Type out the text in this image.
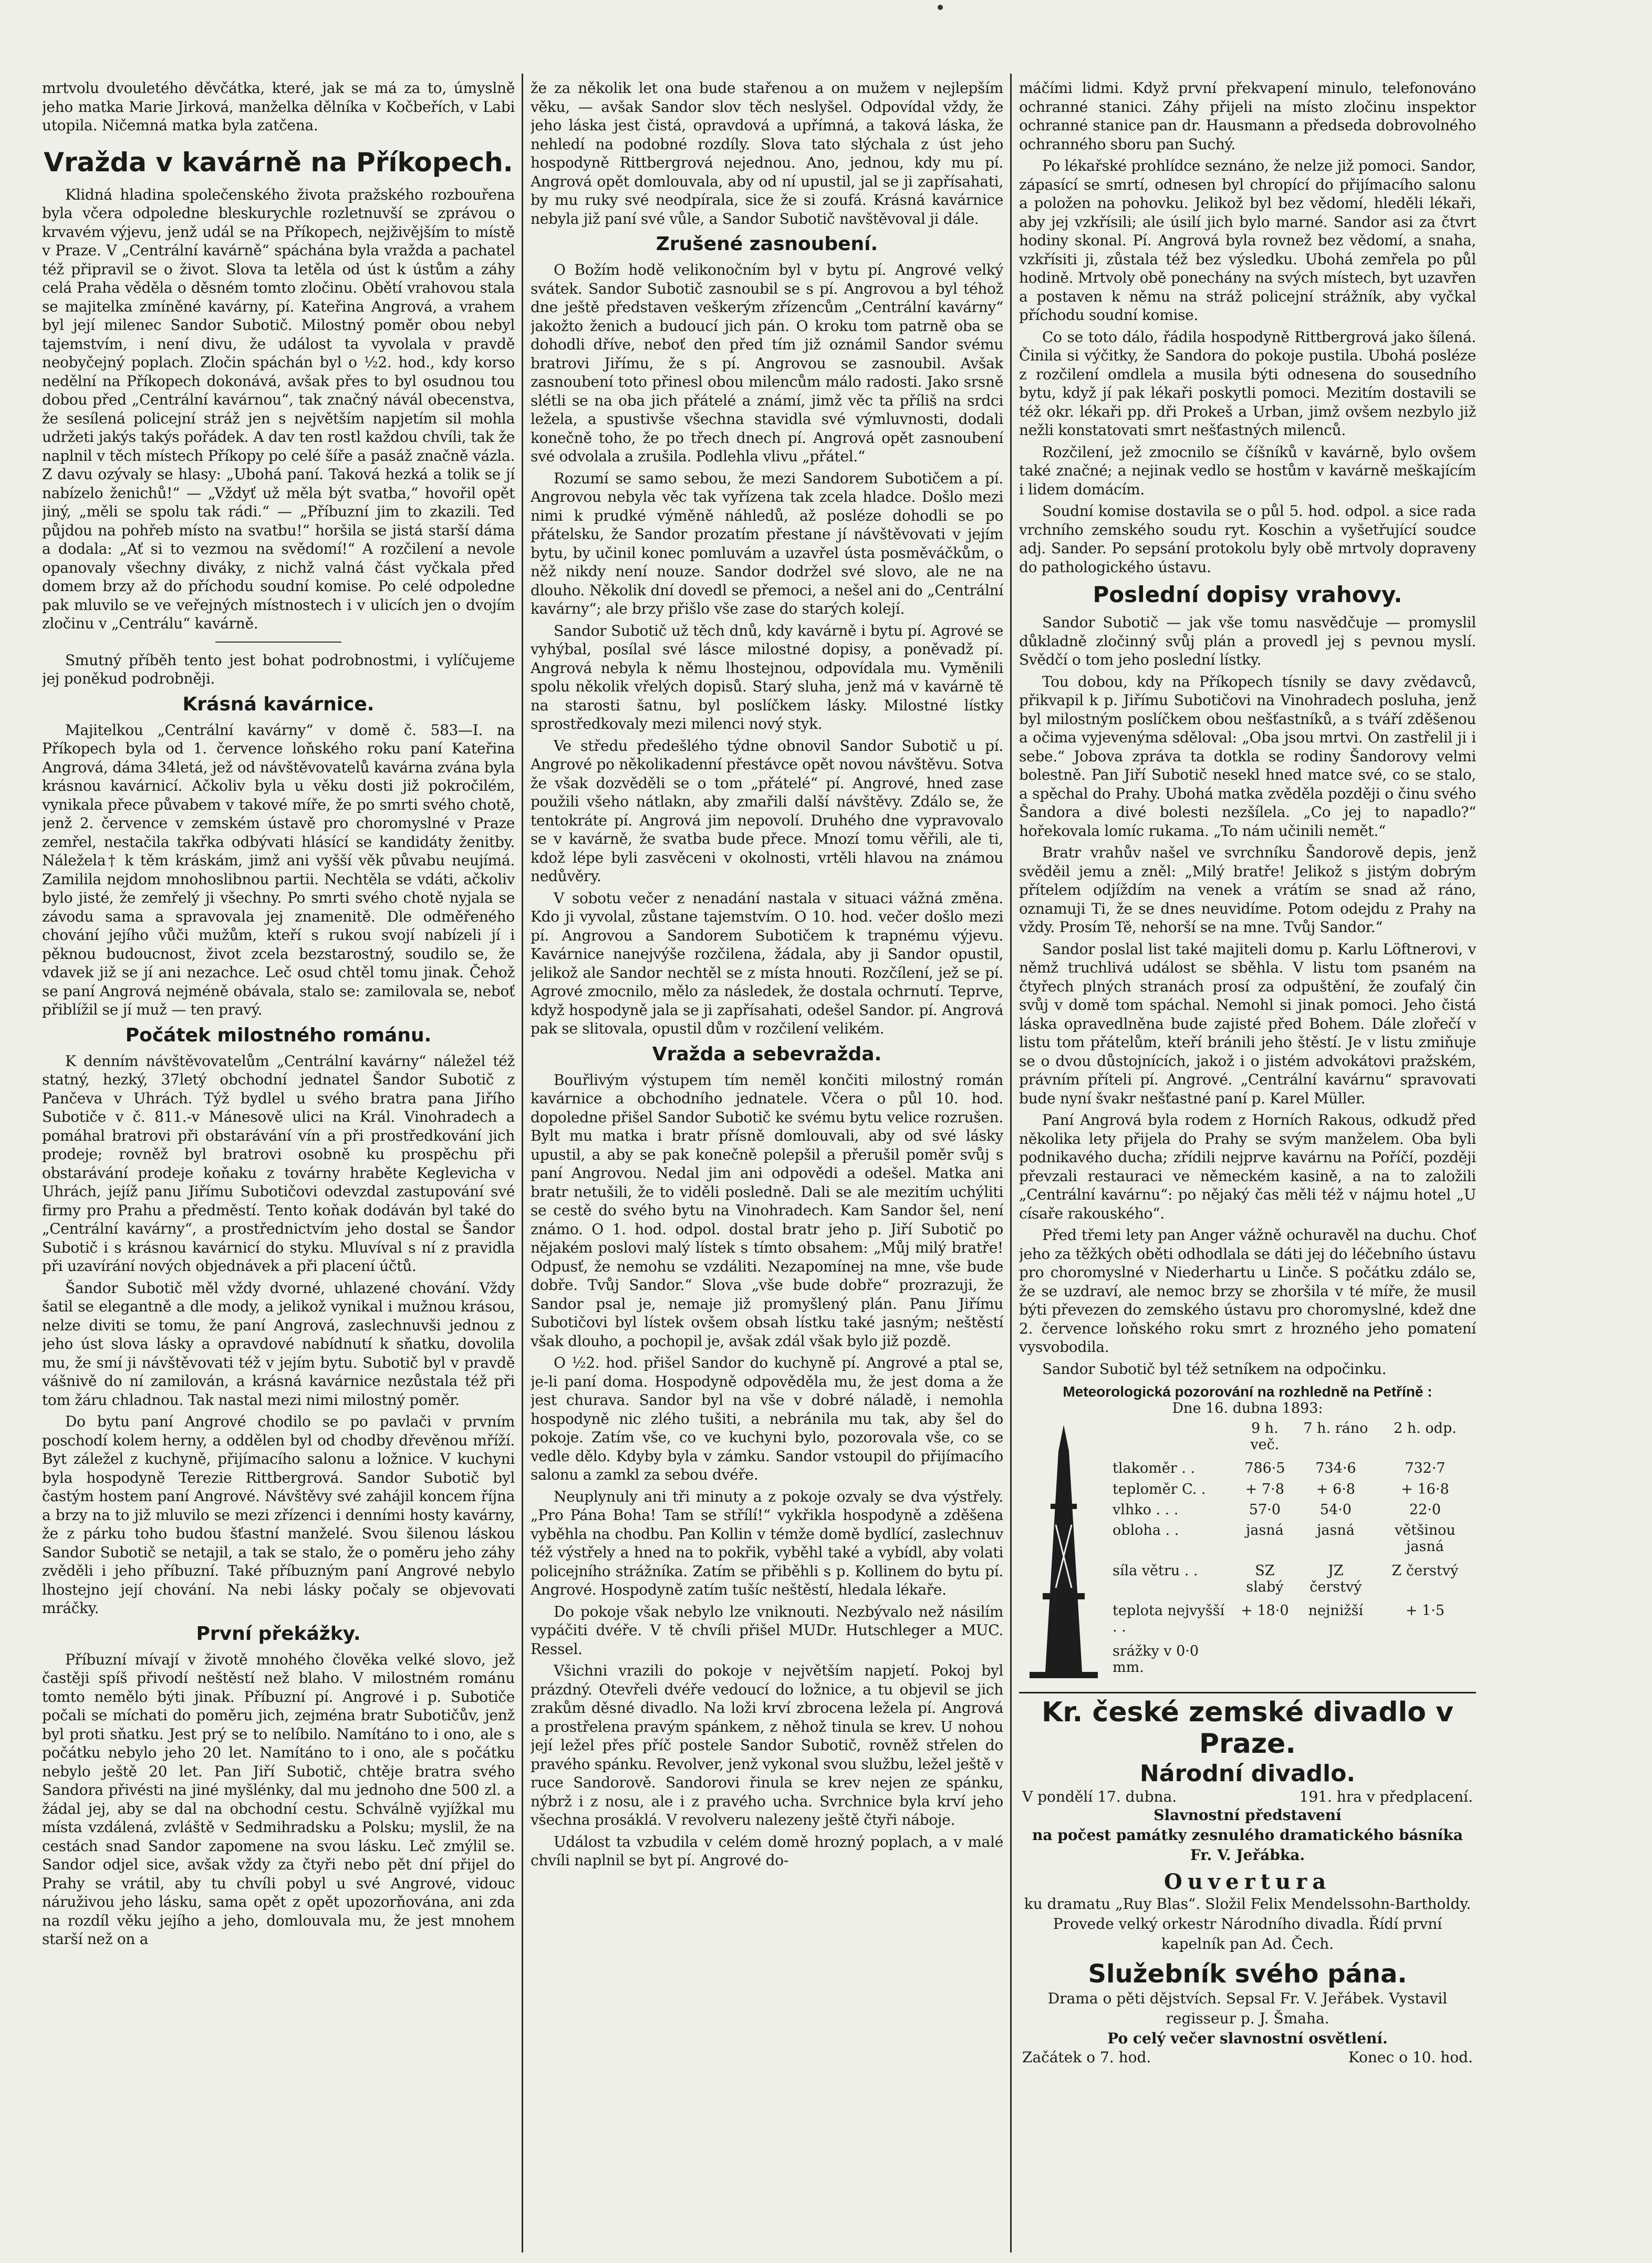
mrtvolu dvouletého děvčátka, které, jak se má za to, úmyslně jeho matka Marie Jirková, manželka dělníka v Kočbeřích, v Labi utopila. Ničemná matka byla zatčena.

Vražda v kavárně na Příkopech.

Klidná hladina společenského života pražského rozbouřena byla včera odpoledne bleskurychle rozletnuvší se zprávou o krvavém výjevu, jenž udál se na Příkopech, nejživějším to místě v Praze. V „Centrální kavárně“ spáchána byla vražda a pachatel též připravil se o život. Slova ta letěla od úst k ústům a záhy celá Praha věděla o děsném tomto zločinu. Obětí vrahovou stala se majitelka zmíněné kavárny, pí. Kateřina Angrová, a vrahem byl její milenec Sandor Subotič. Milostný poměr obou nebyl tajemstvím, i není divu, že událost ta vyvolala v pravdě neobyčejný poplach. Zločin spáchán byl o ½2. hod., kdy korso nedělní na Příkopech dokonává, avšak přes to byl osudnou tou dobou před „Centrální kavárnou“, tak značný návál obecenstva, že sesílená policejní stráž jen s největším napjetím sil mohla udržeti jakýs takýs pořádek. A dav ten rostl každou chvíli, tak že naplnil v těch místech Příkopy po celé šíře a pasáž značně vázla. Z davu ozývaly se hlasy: „Ubohá paní. Taková hezká a tolik se jí nabízelo ženichů!“ — „Vždyť už měla být svatba,“ hovořil opět jiný, „měli se spolu tak rádi.“ — „Příbuzní jim to zkazili. Teď půjdou na pohřeb místo na svatbu!“ horšila se jistá starší dáma a dodala: „Ať si to vezmou na svědomí!“ A rozčilení a nevole opanovaly všechny diváky, z nichž valná část vyčkala před domem brzy až do příchodu soudní komise. Po celé odpoledne pak mluvilo se ve veřejných místnostech i v ulicích jen o dvojím zločinu v „Centrálu“ kavárně.

Smutný příběh tento jest bohat podrobnostmi, i vylíčujeme jej poněkud podrobněji.

Krásná kavárnice.

Majitelkou „Centrální kavárny“ v domě č. 583—I. na Příkopech byla od 1. července loňského roku paní Kateřina Angrová, dáma 34letá, jež od návštěvovatelů kavárna zvána byla krásnou kavárnicí. Ačkoliv byla u věku dosti již pokročilém, vynikala přece půvabem v takové míře, že po smrti svého chotě, jenž 2. července v zemském ústavě pro choromyslné v Praze zemřel, nestačila takřka odbývati hlásící se kandidáty ženitby. Náležela† k těm kráskám, jimž ani vyšší věk půvabu neujímá. Zamilila nejdom mnohoslibnou partii. Nechtěla se vdáti, ačkoliv bylo jisté, že zemřelý ji všechny. Po smrti svého chotě nyjala se závodu sama a spravovala jej znamenitě. Dle odměřeného chování jejího vůči mužům, kteří s rukou svojí nabízeli jí i pěknou budoucnost, život zcela bezstarostný, soudilo se, že vdavek již se jí ani nezachce. Leč osud chtěl tomu jinak. Čehož se paní Angrová nejméně obávala, stalo se: zamilovala se, neboť přiblížil se jí muž — ten pravý.

Počátek milostného románu.

K denním návštěvovatelům „Centrální kavárny“ náležel též statný, hezký, 37letý obchodní jednatel Šandor Subotič z Pančeva v Uhrách. Týž bydlel u svého bratra pana Jiřího Subotiče v č. 811.-v Mánesově ulici na Král. Vinohradech a pomáhal bratrovi při obstarávání vín a při prostředkování jich prodeje; rovněž byl bratrovi osobně ku prospěchu při obstarávání prodeje koňaku z továrny hraběte Keglevicha v Uhrách, jejíž panu Jiřímu Subotičovi odevzdal zastupování své firmy pro Prahu a předměstí. Tento koňak dodáván byl také do „Centrální kavárny“, a prostřednictvím jeho dostal se Šandor Subotič i s krásnou kavárnicí do styku. Mluvíval s ní z pravidla při uzavírání nových objednávek a při placení účtů.

Šandor Subotič měl vždy dvorné, uhlazené chování. Vždy šatil se elegantně a dle mody, a jelikož vynikal i mužnou krásou, nelze diviti se tomu, že paní Angrová, zaslechnuvši jednou z jeho úst slova lásky a opravdové nabídnutí k sňatku, dovolila mu, že smí ji návštěvovati též v jejím bytu. Subotič byl v pravdě vášnivě do ní zamilován, a krásná kavárnice nezůstala též při tom žáru chladnou. Tak nastal mezi nimi milostný poměr.

Do bytu paní Angrové chodilo se po pavlači v prvním poschodí kolem herny, a oddělen byl od chodby dřevěnou mříží. Byt záležel z kuchyně, přijímacího salonu a ložnice. V kuchyni byla hospodyně Terezie Rittbergrová. Sandor Subotič byl častým hostem paní Angrové. Návštěvy své zahájil koncem října a brzy na to již mluvilo se mezi zřízenci i denními hosty kavárny, že z párku toho budou šťastní manželé. Svou šilenou láskou Sandor Subotič se netajil, a tak se stalo, že o poměru jeho záhy zvěděli i jeho příbuzní. Také příbuzným paní Angrové nebylo lhostejno její chování. Na nebi lásky počaly se objevovati mráčky.

První překážky.

Příbuzní mívají v životě mnohého člověka velké slovo, jež častěji spíš přivodí neštěstí než blaho. V milostném románu tomto nemělo býti jinak. Příbuzní pí. Angrové i p. Subotiče počali se míchati do poměru jich, zejména bratr Subotičův, jenž byl proti sňatku. Jest prý se to nelíbilo. Namítáno to i ono, ale s počátku nebylo jeho 20 let. Namítáno to i ono, ale s počátku nebylo ještě 20 let. Pan Jiří Subotič, chtěje bratra svého Sandora přivésti na jiné myšlénky, dal mu jednoho dne 500 zl. a žádal jej, aby se dal na obchodní cestu. Schválně vyjížkal mu místa vzdálená, zvláště v Sedmihradsku a Polsku; myslil, že na cestách snad Sandor zapomene na svou lásku. Leč zmýlil se. Sandor odjel sice, avšak vždy za čtyři nebo pět dní přijel do Prahy se vrátil, aby tu chvíli pobyl u své Angrové, vidouc náruživou jeho lásku, sama opět z opět upozorňována, ani zda na rozdíl věku jejího a jeho, domlouvala mu, že jest mnohem starší než on a

že za několik let ona bude stařenou a on mužem v nejlepším věku, — avšak Sandor slov těch neslyšel. Odpovídal vždy, že jeho láska jest čistá, opravdová a upřímná, a taková láska, že nehledí na podobné rozdíly. Slova tato slýchala z úst jeho hospodyně Rittbergrová nejednou. Ano, jednou, kdy mu pí. Angrová opět domlouvala, aby od ní upustil, jal se ji zapřísahati, by mu ruky své neodpírala, sice že si zoufá. Krásná kavárnice nebyla již paní své vůle, a Sandor Subotič navštěvoval ji dále.

Zrušené zasnoubení.

O Božím hodě velikonočním byl v bytu pí. Angrové velký svátek. Sandor Subotič zasnoubil se s pí. Angrovou a byl téhož dne ještě představen veškerým zřízencům „Centrální kavárny“ jakožto ženich a budoucí jich pán. O kroku tom patrně oba se dohodli dříve, neboť den před tím již oznámil Sandor svému bratrovi Jiřímu, že s pí. Angrovou se zasnoubil. Avšak zasnoubení toto přinesl obou milencům málo radosti. Jako srsně slétli se na oba jich přátelé a známí, jimž věc ta příliš na srdci ležela, a spustivše všechna stavidla své výmluvnosti, dodali konečně toho, že po třech dnech pí. Angrová opět zasnoubení své odvolala a zrušila. Podlehla vlivu „přátel.“

Rozumí se samo sebou, že mezi Sandorem Subotičem a pí. Angrovou nebyla věc tak vyřízena tak zcela hladce. Došlo mezi nimi k prudké výměně náhledů, až posléze dohodli se po přátelsku, že Sandor prozatím přestane jí návštěvovati v jejím bytu, by učinil konec pomluvám a uzavřel ústa posměváčkům, o něž nikdy není nouze. Sandor dodržel své slovo, ale ne na dlouho. Několik dní dovedl se přemoci, a nešel ani do „Centrální kavárny“; ale brzy přišlo vše zase do starých kolejí.

Sandor Subotič už těch dnů, kdy kavárně i bytu pí. Agrové se vyhýbal, posílal své lásce milostné dopisy, a poněvadž pí. Angrová nebyla k němu lhostejnou, odpovídala mu. Vyměnili spolu několik vřelých dopisů. Starý sluha, jenž má v kavárně tě na starosti šatnu, byl poslíčkem lásky. Milostné lístky sprostředkovaly mezi milenci nový styk.

Ve středu předešlého týdne obnovil Sandor Subotič u pí. Angrové po několikadenní přestávce opět novou návštěvu. Sotva že však dozvěděli se o tom „přátelé“ pí. Angrové, hned zase použili všeho nátlakn, aby zmařili další návštěvy. Zdálo se, že tentokráte pí. Angrová jim nepovolí. Druhého dne vypravovalo se v kavárně, že svatba bude přece. Mnozí tomu věřili, ale ti, kdož lépe byli zasvěceni v okolnosti, vrtěli hlavou na známou nedůvěry.

V sobotu večer z nenadání nastala v situaci vážná změna. Kdo ji vyvolal, zůstane tajemstvím. O 10. hod. večer došlo mezi pí. Angrovou a Sandorem Subotičem k trapnému výjevu. Kavárnice nanejvýše rozčilena, žádala, aby ji Sandor opustil, jelikož ale Sandor nechtěl se z místa hnouti. Rozčílení, jež se pí. Agrové zmocnilo, mělo za následek, že dostala ochrnutí. Teprve, když hospodyně jala se ji zapřísahati, odešel Sandor. pí. Angrová pak se slitovala, opustil dům v rozčilení velikém.

Vražda a sebevražda.

Bouřlivým výstupem tím neměl končiti milostný román kavárnice a obchodního jednatele. Včera o půl 10. hod. dopoledne přišel Sandor Subotič ke svému bytu velice rozrušen. Bylt mu matka i bratr přísně domlouvali, aby od své lásky upustil, a aby se pak konečně polepšil a přerušil poměr svůj s paní Angrovou. Nedal jim ani odpovědi a odešel. Matka ani bratr netušili, že to viděli posledně. Dali se ale mezitím uchýliti se cestě do svého bytu na Vinohradech. Kam Sandor šel, není známo. O 1. hod. odpol. dostal bratr jeho p. Jiří Subotič po nějakém poslovi malý lístek s tímto obsahem: „Můj milý bratře! Odpusť, že nemohu se vzdáliti. Nezapomínej na mne, vše bude dobře. Tvůj Sandor.“ Slova „vše bude dobře“ prozrazuji, že Sandor psal je, nemaje již promyšlený plán. Panu Jiřímu Subotičovi byl lístek ovšem obsah lístku také jasným; neštěstí však dlouho, a pochopil je, avšak zdál však bylo již pozdě.

O ½2. hod. přišel Sandor do kuchyně pí. Angrové a ptal se, je-li paní doma. Hospodyně odpověděla mu, že jest doma a že jest churava. Sandor byl na vše v dobré náladě, i nemohla hospodyně nic zlého tušiti, a nebránila mu tak, aby šel do pokoje. Zatím vše, co ve kuchyni bylo, pozorovala vše, co se vedle dělo. Kdyby byla v zámku. Sandor vstoupil do přijímacího salonu a zamkl za sebou dvéře.

Neuplynuly ani tři minuty a z pokoje ozvaly se dva výstřely. „Pro Pána Boha! Tam se střílí!“ vykřikla hospodyně a zděšena vyběhla na chodbu. Pan Kollin v témže domě bydlící, zaslechnuv též výstřely a hned na to pokřik, vyběhl také a vybídl, aby volati policejního strážníka. Zatím se přiběhli s p. Kollinem do bytu pí. Angrové. Hospodyně zatím tušíc neštěstí, hledala lékaře.

Do pokoje však nebylo lze vniknouti. Nezbývalo než násilím vypáčiti dvéře. V tě chvíli přišel MUDr. Hutschleger a MUC. Ressel.

Všichni vrazili do pokoje v největším napjetí. Pokoj byl prázdný. Otevřeli dvéře vedoucí do ložnice, a tu objevil se jich zrakům děsné divadlo. Na loži krví zbrocena ležela pí. Angrová a prostřelena pravým spánkem, z něhož tinula se krev. U nohou její ležel přes příč postele Sandor Subotič, rovněž střelen do pravého spánku. Revolver, jenž vykonal svou službu, ležel ještě v ruce Sandorově. Sandorovi řinula se krev nejen ze spánku, nýbrž i z nosu, ale i z pravého ucha. Svrchnice byla krví jeho všechna prosáklá. V revolveru nalezeny ještě čtyři náboje.

Událost ta vzbudila v celém domě hrozný poplach, a v malé chvíli naplnil se byt pí. Angrové do-

máčími lidmi. Když první překvapení minulo, telefonováno ochranné stanici. Záhy přijeli na místo zločinu inspektor ochranné stanice pan dr. Hausmann a předseda dobrovolného ochranného sboru pan Suchý.

Po lékařské prohlídce seznáno, že nelze již pomoci. Sandor, zápasící se smrtí, odnesen byl chropící do přijímacího salonu a položen na pohovku. Jelikož byl bez vědomí, hleděli lékaři, aby jej vzkřísili; ale úsilí jich bylo marné. Sandor asi za čtvrt hodiny skonal. Pí. Angrová byla rovnež bez vědomí, a snaha, vzkřísiti ji, zůstala též bez výsledku. Ubohá zemřela po půl hodině. Mrtvoly obě ponechány na svých místech, byt uzavřen a postaven k němu na stráž policejní strážník, aby vyčkal příchodu soudní komise.

Co se toto dálo, řádila hospodyně Rittbergrová jako šílená. Činila si výčitky, že Sandora do pokoje pustila. Ubohá posléze z rozčilení omdlela a musila býti odnesena do sousedního bytu, když jí pak lékaři poskytli pomoci. Mezitím dostavili se též okr. lékaři pp. dři Prokeš a Urban, jimž ovšem nezbylo již nežli konstatovati smrt nešťastných milenců.

Rozčilení, jež zmocnilo se číšníků v kavárně, bylo ovšem také značné; a nejinak vedlo se hostům v kavárně meškajícím i lidem domácím.

Soudní komise dostavila se o půl 5. hod. odpol. a sice rada vrchního zemského soudu ryt. Koschin a vyšetřující soudce adj. Sander. Po sepsání protokolu byly obě mrtvoly dopraveny do pathologického ústavu.

Poslední dopisy vrahovy.

Sandor Subotič — jak vše tomu nasvědčuje — promyslil důkladně zločinný svůj plán a provedl jej s pevnou myslí. Svědčí o tom jeho poslední lístky.

Tou dobou, kdy na Příkopech tísnily se davy zvědavců, přikvapil k p. Jiřímu Subotičovi na Vinohradech posluha, jenž byl milostným poslíčkem obou nešťastníků, a s tváří zděšenou a očima vyjevenýma sděloval: „Oba jsou mrtvi. On zastřelil ji i sebe.“ Jobova zpráva ta dotkla se rodiny Šandorovy velmi bolestně. Pan Jiří Subotič nesekl hned matce své, co se stalo, a spěchal do Prahy. Ubohá matka zvěděla později o činu svého Šandora a divé bolesti nezšílela. „Co jej to napadlo?“ hořekovala lomíc rukama. „To nám učinili nemět.“

Bratr vrahův našel ve svrchníku Šandorově depis, jenž svěděil jemu a zněl: „Milý bratře! Jelikož s jistým dobrým přítelem odjíždím na venek a vrátím se snad až ráno, oznamuji Ti, že se dnes neuvidíme. Potom odejdu z Prahy na vždy. Prosím Tě, nehorší se na mne. Tvůj Sandor.“

Sandor poslal list také majiteli domu p. Karlu Löftnerovi, v němž truchlivá událost se sběhla. V listu tom psaném na čtyřech plných stranách prosí za odpuštění, že zoufalý čin svůj v domě tom spáchal. Nemohl si jinak pomoci. Jeho čistá láska opravedlněna bude zajisté před Bohem. Dále zlořečí v listu tom přátelům, kteří bránili jeho štěstí. Je v listu zmiňuje se o dvou důstojnících, jakož i o jistém advokátovi pražském, právním příteli pí. Angrové. „Centrální kavárnu“ spravovati bude nyní švakr nešťastné paní p. Karel Müller.

Paní Angrová byla rodem z Horních Rakous, odkudž před několika lety přijela do Prahy se svým manželem. Oba byli podnikavého ducha; zřídili nejprve kavárnu na Poříčí, později převzali restauraci ve německém kasině, a na to založili „Centrální kavárnu“: po nějaký čas měli též v nájmu hotel „U císaře rakouského“.

Před třemi lety pan Anger vážně ochuravěl na duchu. Choť jeho za těžkých oběti odhodlala se dáti jej do léčebního ústavu pro choromyslné v Niederhartu u Linče. S počátku zdálo se, že se uzdraví, ale nemoc brzy se zhoršila v té míře, že musil býti převezen do zemského ústavu pro choromyslné, kdež dne 2. července loňského roku smrt z hrozného jeho pomatení vysvobodila.

Sandor Subotič byl též setníkem na odpočinku.

Meteorologická pozorování na rozhledně na Petříně :
Dne 16. dubna 1893:
	9 h. več.	7 h. ráno	2 h. odp.
tlakoměr . .	786·5	734·6	732·7
teploměr C. .	+ 7·8	+ 6·8	+ 16·8
vlhko . . .	57·0	54·0	22·0
obloha . .	jasná	jasná	většinou jasná
síla větru . .	SZ slabý	JZ čerstvý	Z čerstvý
teplota nejvyšší . .	+ 18·0	nejnižší	+ 1·5
srážky v 0·0 mm.			
Kr. české zemské divadlo v Praze.
Národní divadlo.
V pondělí 17. dubna.	191. hra v předplacení.
Slavnostní představení
na počest památky zesnulého dramatického básníka
Fr. V. Jeřábka.
Ouvertura
ku dramatu „Ruy Blas“. Složil Felix Mendelssohn-Bartholdy.
Provede velký orkestr Národního divadla. Řídí první kapelník pan Ad. Čech.
Služebník svého pána.
Drama o pěti dějstvích. Sepsal Fr. V. Jeřábek. Vystavil regisseur p. J. Šmaha.
Po celý večer slavnostní osvětlení.
Začátek o 7. hod.	Konec o 10. hod.
